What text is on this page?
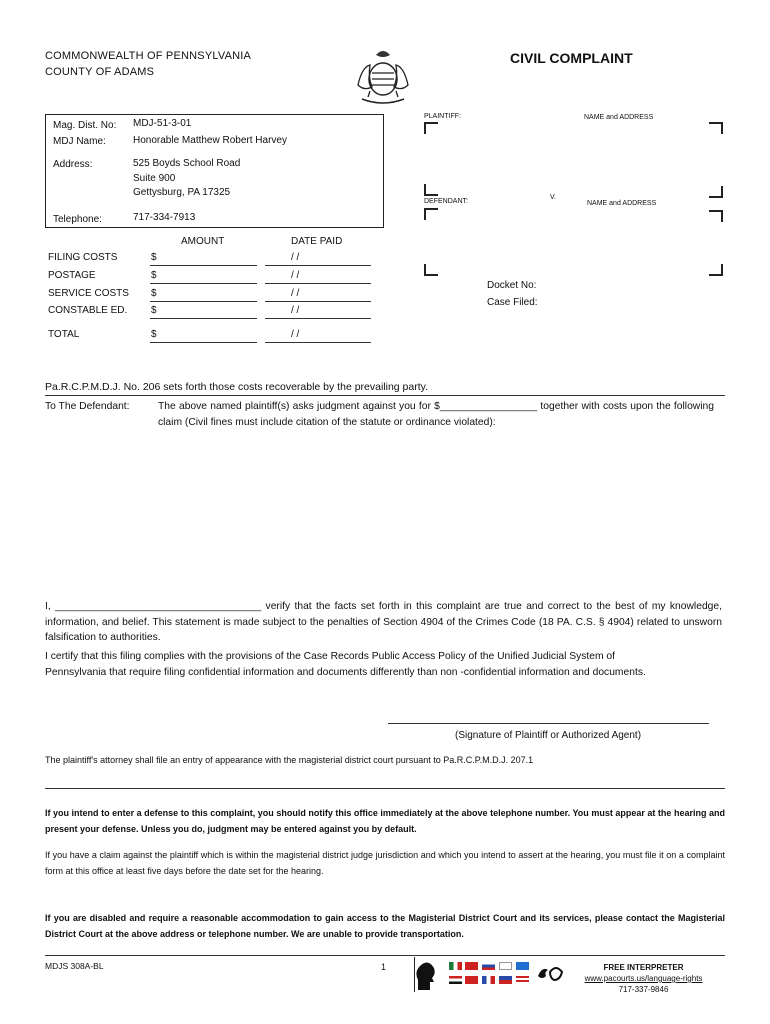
COMMONWEALTH OF PENNSYLVANIA
COUNTY OF ADAMS
CIVIL COMPLAINT
Mag. Dist. No: MDJ-51-3-01
MDJ Name:	Honorable Matthew Robert Harvey
Address:	525 Boyds School Road
Suite 900
Gettysburg, PA 17325
Telephone:	717-334-7913
PLAINTIFF:	NAME and ADDRESS
V.
DEFENDANT:	NAME and ADDRESS
Docket No:
Case Filed:
AMOUNT	DATE PAID
FILING COSTS	$	/ /
POSTAGE	$	/ /
SERVICE COSTS $	/ /
CONSTABLE ED. $	/ /
TOTAL	$	/ /
Pa.R.C.P.M.D.J. No. 206 sets forth those costs recoverable by the prevailing party.
To The Defendant:	The above named plaintiff(s) asks judgment against you for $_________________ together with costs upon the following claim (Civil fines must include citation of the statute or ordinance violated):
I, ____________________________________ verify that the facts set forth in this complaint are true and correct to the best of my knowledge, information, and belief. This statement is made subject to the penalties of Section 4904 of the Crimes Code (18 PA. C.S. § 4904) related to unsworn falsification to authorities.
I certify that this filing complies with the provisions of the Case Records Public Access Policy of the Unified Judicial System of Pennsylvania that require filing confidential information and documents differently than non -confidential information and documents.
(Signature of Plaintiff or Authorized Agent)
The plaintiff's attorney shall file an entry of appearance with the magisterial district court pursuant to Pa.R.C.P.M.D.J. 207.1
If you intend to enter a defense to this complaint, you should notify this office immediately at the above telephone number. You must appear at the hearing and present your defense. Unless you do, judgment may be entered against you by default.
If you have a claim against the plaintiff which is within the magisterial district judge jurisdiction and which you intend to assert at the hearing, you must file it on a complaint form at this office at least five days before the date set for the hearing.
If you are disabled and require a reasonable accommodation to gain access to the Magisterial District Court and its services, please contact the Magisterial District Court at the above address or telephone number. We are unable to provide transportation.
MDJS 308A-BL	1	FREE INTERPRETER
www.pacourts.us/language-rights
717-337-9846
